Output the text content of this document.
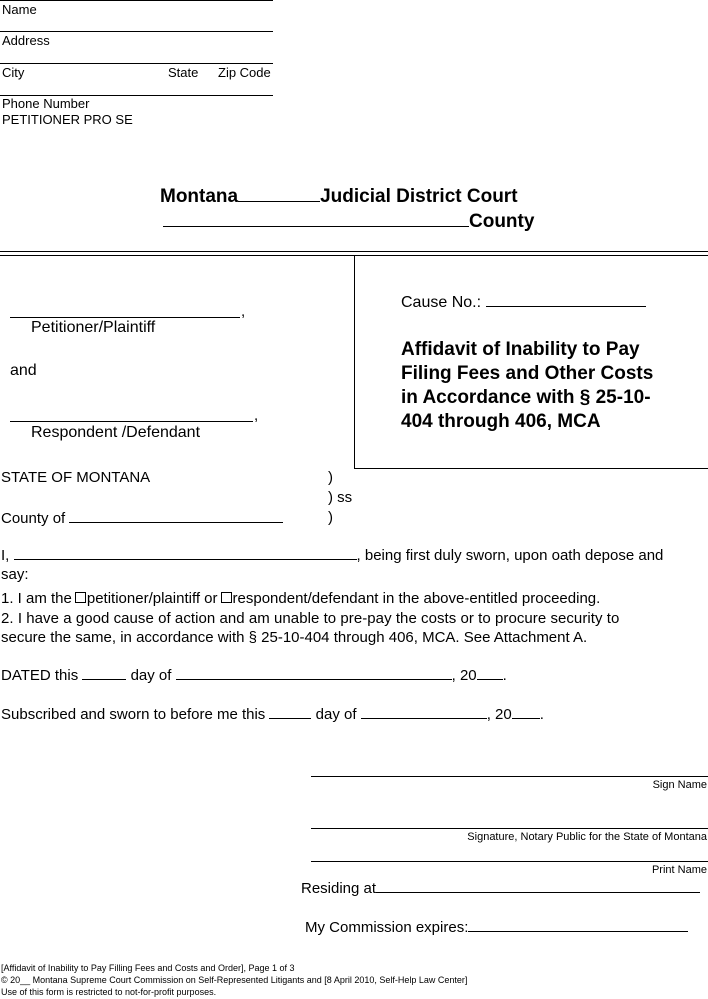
Name
Address
City	State Zip Code
Phone Number
PETITIONER PRO SE
Montana	Judicial District Court
County
,
Petitioner/Plaintiff
and
,
Respondent /Defendant
Cause No.:
Affidavit of Inability to Pay
Filing Fees and Other Costs
in Accordance with § 25-10-
404 through 406, MCA
STATE OF MONTANA	)
) ss
)
County of
I,	, being first duly sworn, upon oath depose and
say:
1. I am the petitioner/plaintiff or respondent/defendant in the above-entitled proceeding.
2. I have a good cause of action and am unable to pre-pay the costs or to procure security to
secure the same, in accordance with § 25-10-404 through 406, MCA. See Attachment A.
DATED this	day of	, 20 .
Subscribed and sworn to before me this	day of	, 20 .
Sign Name
Signature, Notary Public for the State of Montana
Print Name
Residing at
My Commission expires:
[Affidavit of Inability to Pay Filling Fees and Costs and Order], Page 1 of 3
© 20__ Montana Supreme Court Commission on Self-Represented Litigants and [8 April 2010, Self-Help Law Center]
Use of this form is restricted to not-for-profit purposes.
